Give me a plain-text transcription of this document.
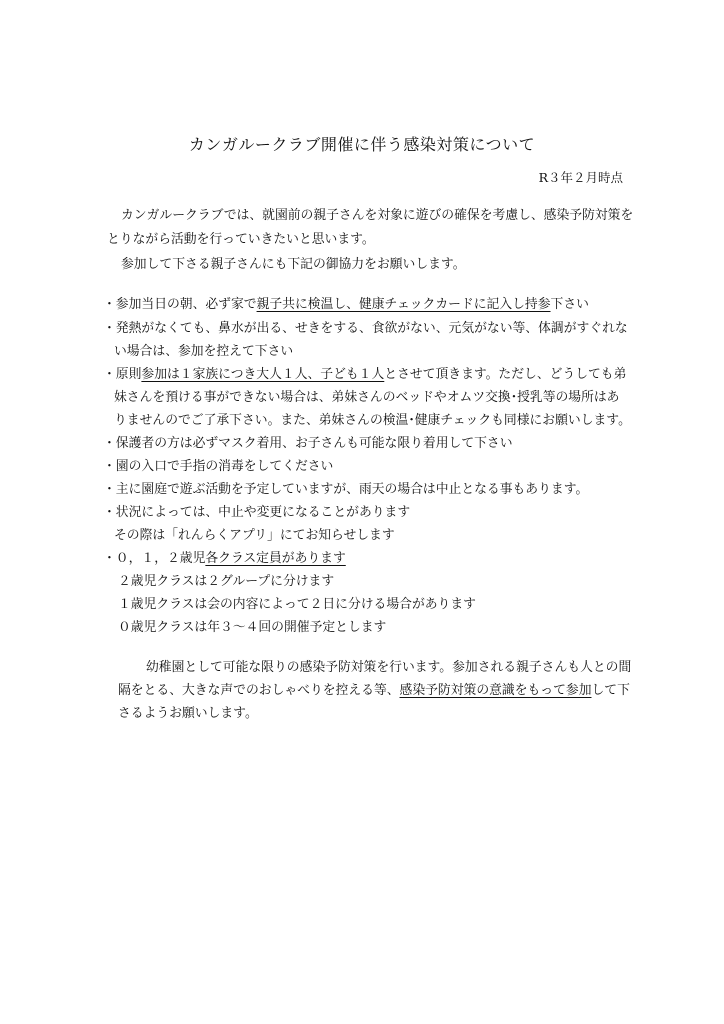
カンガルークラブ開催に伴う感染対策について
R３年２月時点
カンガルークラブでは、就園前の親子さんを対象に遊びの確保を考慮し、感染予防対策を
とりながら活動を行っていきたいと思います。
参加して下さる親子さんにも下記の御協力をお願いします。
・参加当日の朝、必ず家で親子共に検温し、健康チェックカードに記入し持参下さい
・発熱がなくても、鼻水が出る、せきをする、食欲がない、元気がない等、体調がすぐれな
い場合は、参加を控えて下さい
・原則参加は１家族につき大人１人、子ども１人とさせて頂きます。ただし、どうしても弟
妹さんを預ける事ができない場合は、弟妹さんのベッドやオムツ交換･授乳等の場所はあ
りませんのでご了承下さい。また、弟妹さんの検温･健康チェックも同様にお願いします。
・保護者の方は必ずマスク着用、お子さんも可能な限り着用して下さい
・園の入口で手指の消毒をしてください
・主に園庭で遊ぶ活動を予定していますが、雨天の場合は中止となる事もあります。
・状況によっては、中止や変更になることがあります
その際は「れんらくアプリ」にてお知らせします
・０，１，２歳児各クラス定員があります
２歳児クラスは２グループに分けます
１歳児クラスは会の内容によって２日に分ける場合があります
０歳児クラスは年３～４回の開催予定とします
幼稚園として可能な限りの感染予防対策を行います。参加される親子さんも人との間
隔をとる、大きな声でのおしゃべりを控える等、感染予防対策の意識をもって参加して下
さるようお願いします。
